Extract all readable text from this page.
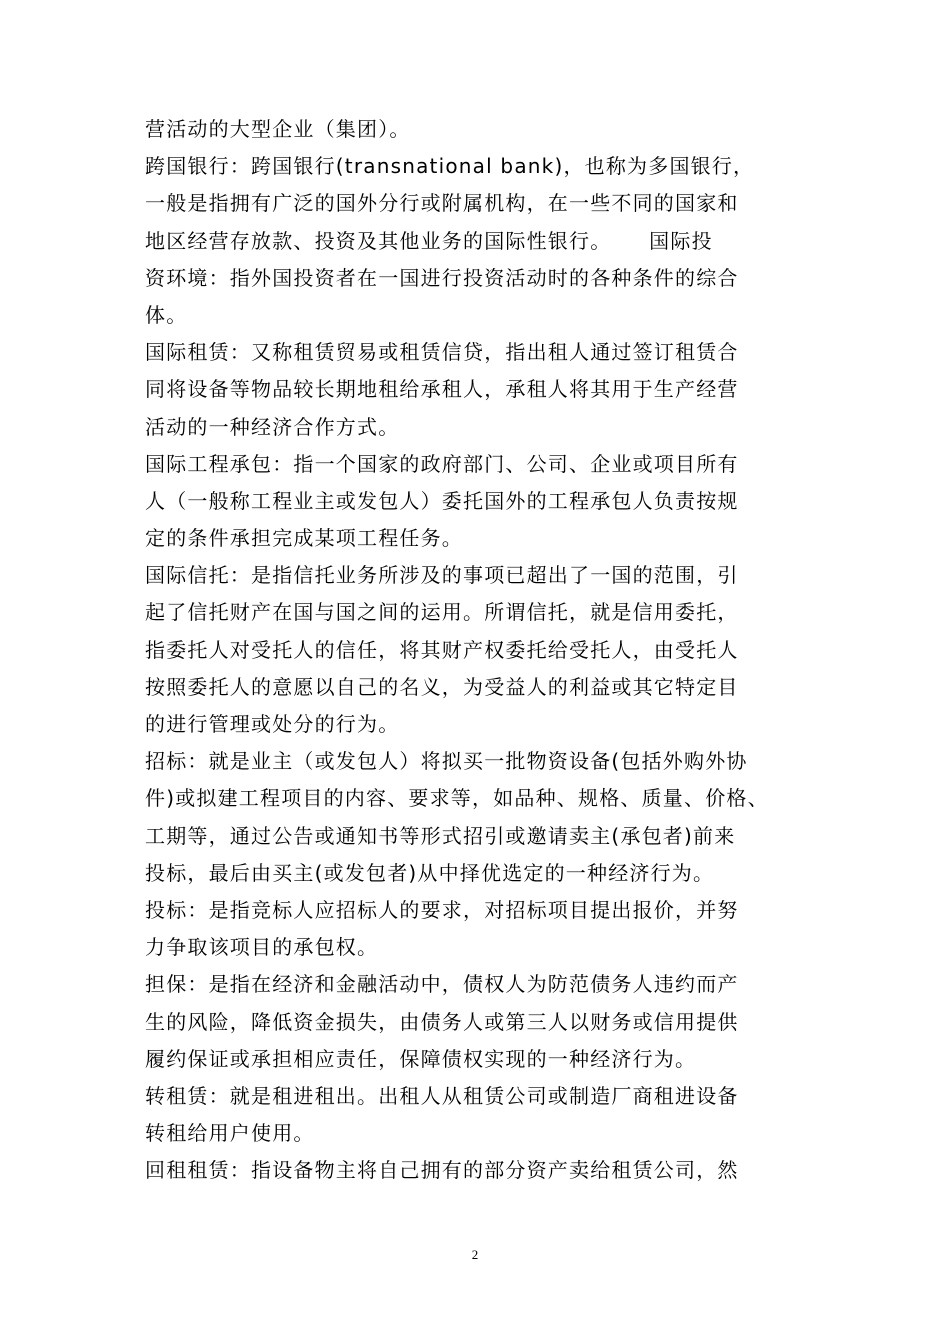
营活动的大型企业（集团）。
跨国银行：跨国银行(transnational bank)，也称为多国银行，
一般是指拥有广泛的国外分行或附属机构，在一些不同的国家和
地区经营存放款、投资及其他业务的国际性银行。     国际投
资环境：指外国投资者在一国进行投资活动时的各种条件的综合
体。
国际租赁：又称租赁贸易或租赁信贷，指出租人通过签订租赁合
同将设备等物品较长期地租给承租人，承租人将其用于生产经营
活动的一种经济合作方式。
国际工程承包：指一个国家的政府部门、公司、企业或项目所有
人（一般称工程业主或发包人）委托国外的工程承包人负责按规
定的条件承担完成某项工程任务。
国际信托：是指信托业务所涉及的事项已超出了一国的范围，引
起了信托财产在国与国之间的运用。所谓信托，就是信用委托，
指委托人对受托人的信任，将其财产权委托给受托人，由受托人
按照委托人的意愿以自己的名义，为受益人的利益或其它特定目
的进行管理或处分的行为。
招标：就是业主（或发包人）将拟买一批物资设备(包括外购外协
件)或拟建工程项目的内容、要求等，如品种、规格、质量、价格、
工期等，通过公告或通知书等形式招引或邀请卖主(承包者)前来
投标，最后由买主(或发包者)从中择优选定的一种经济行为。
投标：是指竞标人应招标人的要求，对招标项目提出报价，并努
力争取该项目的承包权。
担保：是指在经济和金融活动中，债权人为防范债务人违约而产
生的风险，降低资金损失，由债务人或第三人以财务或信用提供
履约保证或承担相应责任，保障债权实现的一种经济行为。
转租赁：就是租进租出。出租人从租赁公司或制造厂商租进设备
转租给用户使用。
回租租赁：指设备物主将自己拥有的部分资产卖给租赁公司，然
2
